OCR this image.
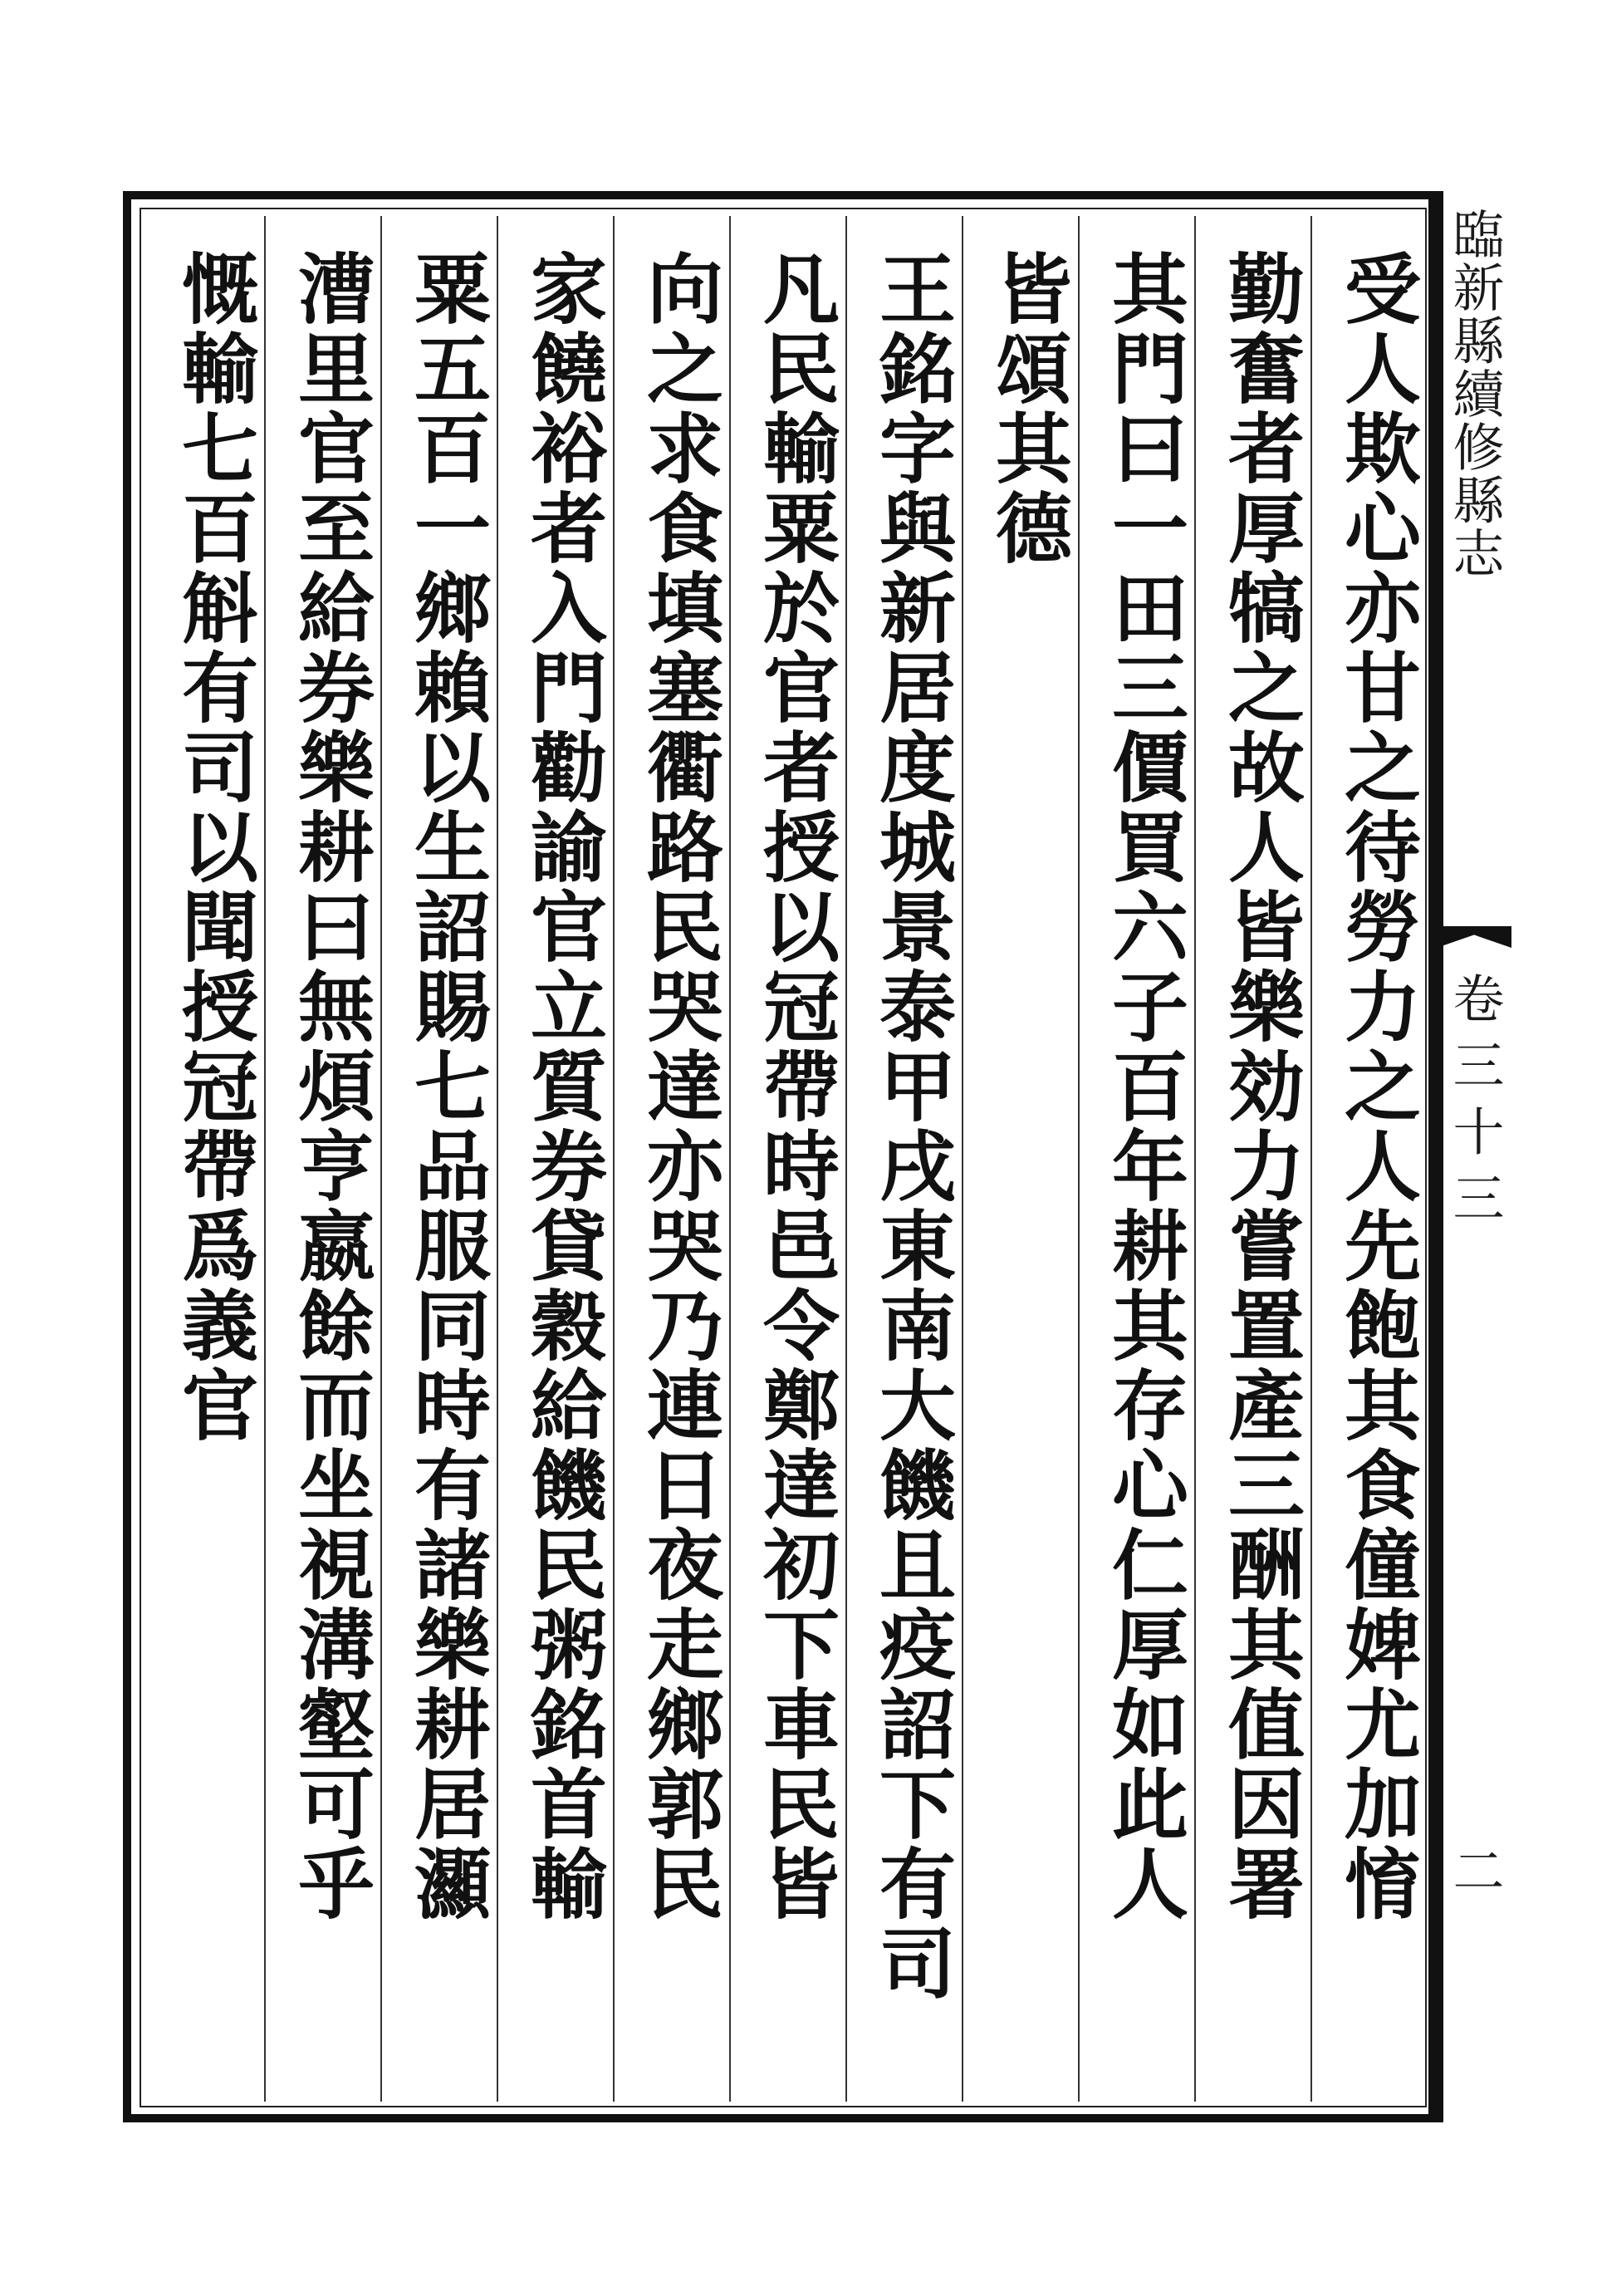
受人欺心亦甘之待勞力之人先飽其食僮婢尤加㥔
勤奮者厚犒之故人皆樂効力嘗置產三酬其值因署
其門曰一田三價買六子百年耕其存心仁厚如此人
皆頌其德
王銘字與新居度城景泰甲戌東南大饑且疫詔下有司
凡民輸粟於官者授以冠帶時邑令鄭達初下車民皆
向之求食填塞衢路民哭達亦哭乃連日夜走鄉郭民
家饒裕者入門勸諭官立質券貸穀給饑民粥銘首輸
粟五百一鄉賴以生詔賜七品服同時有諸樂耕居灦
漕里官至給券樂耕曰無煩亨嬴餘而坐視溝壑可乎
慨輸七百斛有司以聞授冠帶爲義官	臨新縣續修縣志
卷三十三
二
